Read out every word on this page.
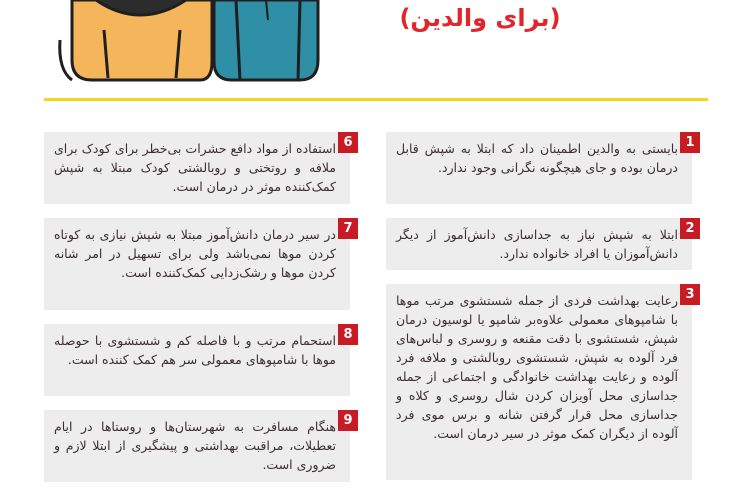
(برای والدین)
1
بایستی به والدین اطمینان داد که ابتلا به شپش قابل درمان بوده و جای هیچگونه نگرانی وجود ندارد.
2
ابتلا به شپش نیاز به جداسازی دانش‌آموز از دیگر دانش‌آموزان یا افراد خانواده ندارد.
3
رعایت بهداشت فردی از جمله شستشوی مرتب موها با شامپوهای معمولی علاوه‌بر شامپو یا لوسیون درمان شپش، شستشوی با دقت مقنعه و روسری و لباس‌های فرد آلوده به شپش، شستشوی روبالشتی و ملافه فرد آلوده و رعایت بهداشت خانوادگی و اجتماعی از جمله جداسازی محل آویزان کردن شال روسری و کلاه و جداسازی محل قرار گرفتن شانه و برس موی فرد آلوده از دیگران کمک موثر در سیر درمان است.
6
استفاده از مواد دافع حشرات بی‌خطر برای کودک برای ملافه و روتختی و روبالشتی کودک مبتلا به شپش کمک‌کننده موثر در درمان است.
7
در سیر درمان دانش‌آموز مبتلا به شپش نیازی به کوتاه کردن موها نمی‌باشد ولی برای تسهیل در امر شانه کردن موها و رشک‌زدایی کمک‌کننده است.
8
استحمام مرتب و با فاصله کم و شستشوی با حوصله موها با شامپوهای معمولی سر هم کمک کننده است.
9
هنگام مسافرت به شهرستان‌ها و روستاها در ایام تعطیلات، مراقبت بهداشتی و پیشگیری از ابتلا لازم و ضروری است.
